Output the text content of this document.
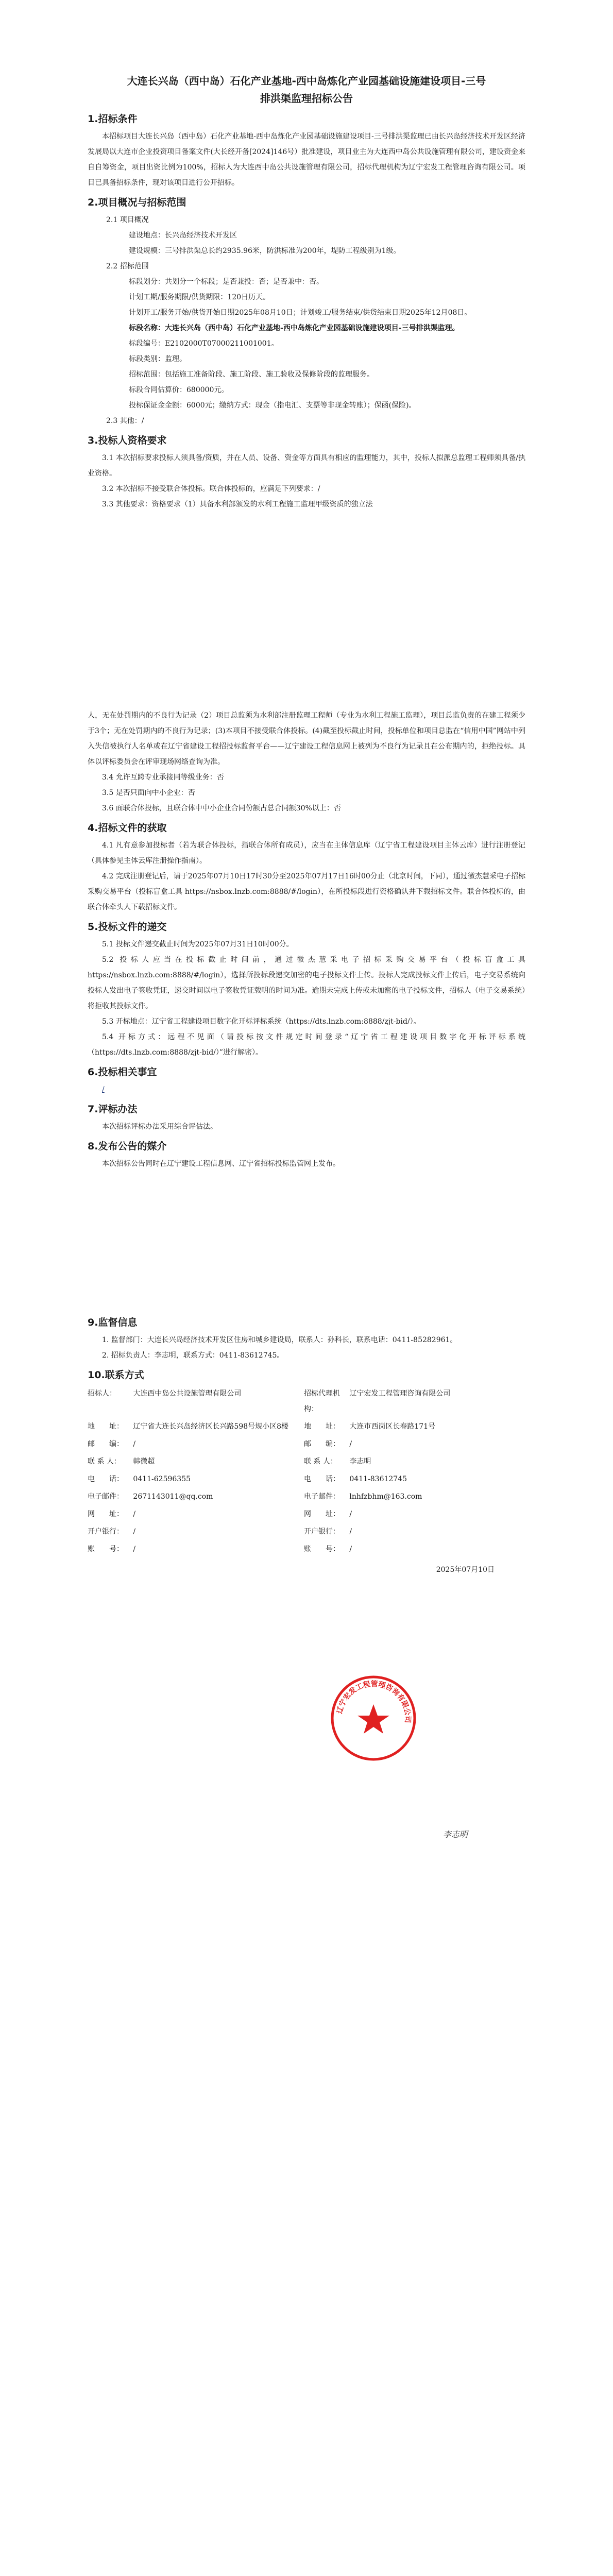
大连长兴岛（西中岛）石化产业基地-西中岛炼化产业园基础设施建设项目-三号
排洪渠监理招标公告
1.招标条件

本招标项目大连长兴岛（西中岛）石化产业基地-西中岛炼化产业园基础设施建设项目-三号排洪渠监理已由长兴岛经济技术开发区经济发展局以大连市企业投资项目备案文件(大长经开备[2024]146号）批准建设，项目业主为大连西中岛公共设施管理有限公司，建设资金来自自筹资金，项目出资比例为100%，招标人为大连西中岛公共设施管理有限公司，招标代理机构为辽宁宏发工程管理咨询有限公司。项目已具备招标条件，现对该项目进行公开招标。

2.项目概况与招标范围

2.1 项目概况

建设地点：长兴岛经济技术开发区

建设规模：三号排洪渠总长约2935.96米，防洪标准为200年，堤防工程级别为1级。

2.2 招标范围

标段划分：共划分一个标段；是否兼投：否；是否兼中：否。

计划工期/服务期限/供货期限：120日历天。

计划开工/服务开始/供货开始日期2025年08月10日；计划竣工/服务结束/供货结束日期2025年12月08日。

标段名称：大连长兴岛（西中岛）石化产业基地-西中岛炼化产业园基础设施建设项目-三号排洪渠监理。

标段编号：E2102000T07000211001001。

标段类别：监理。

招标范围：包括施工准备阶段、施工阶段、施工验收及保修阶段的监理服务。

标段合同估算价：680000元。

投标保证金金额：6000元；缴纳方式：现金（指电汇、支票等非现金转账）；保函(保险)。

2.3 其他：/

3.投标人资格要求

3.1 本次招标要求投标人须具备/资质，并在人员、设备、资金等方面具有相应的监理能力，其中，投标人拟派总监理工程师须具备/执业资格。

3.2 本次招标不接受联合体投标。联合体投标的，应满足下列要求：/

3.3 其他要求：资格要求（1）具备水利部颁发的水利工程施工监理甲级资质的独立法

人，无在处罚期内的不良行为记录（2）项目总监须为水利部注册监理工程师（专业为水利工程施工监理），项目总监负责的在建工程须少于3个；无在处罚期内的不良行为记录；(3)本项目不接受联合体投标。(4)截至投标截止时间，投标单位和项目总监在“信用中国”网站中列入失信被执行人名单或在辽宁省建设工程招投标监督平台——辽宁建设工程信息网上被列为不良行为记录且在公布期内的，拒绝投标。具体以评标委员会在评审现场网络查询为准。

3.4 允许互跨专业承接同等级业务：否

3.5 是否只面向中小企业：否

3.6 面联合体投标，且联合体中中小企业合同份额占总合同额30%以上：否

4.招标文件的获取

4.1 凡有意参加投标者（若为联合体投标，指联合体所有成员），应当在主体信息库（辽宁省工程建设项目主体云库）进行注册登记（具体参见主体云库注册操作指南）。

4.2 完成注册登记后，请于2025年07月10日17时30分至2025年07月17日16时00分止（北京时间，下同），通过徽杰慧采电子招标采购交易平台（投标盲盒工具 https://nsbox.lnzb.com:8888/#/login），在所投标段进行资格确认并下载招标文件。联合体投标的，由联合体牵头人下载招标文件。

5.投标文件的递交

5.1 投标文件递交截止时间为2025年07月31日10时00分。

5.2 投标人应当在投标截止时间前，通过徽杰慧采电子招标采购交易平台（投标盲盒工具 https://nsbox.lnzb.com:8888/#/login），选择所投标段递交加密的电子投标文件上传。投标人完成投标文件上传后，电子交易系统向投标人发出电子签收凭证，递交时间以电子签收凭证载明的时间为准。逾期未完成上传或未加密的电子投标文件，招标人（电子交易系统）将拒收其投标文件。

5.3 开标地点：辽宁省工程建设项目数字化开标评标系统（https://dts.lnzb.com:8888/zjt-bid/）。

5.4 开标方式：远程不见面（请投标按文件规定时间登录“辽宁省工程建设项目数字化开标评标系统（https://dts.lnzb.com:8888/zjt-bid/）”进行解密）。

6.投标相关事宜

/

7.评标办法

本次招标评标办法采用综合评估法。

8.发布公告的媒介

本次招标公告同时在辽宁建设工程信息网、辽宁省招标投标监管网上发布。

9.监督信息

1. 监督部门：大连长兴岛经济技术开发区住房和城乡建设局，联系人：孙科长，联系电话：0411-85282961。

2. 招标负责人：李志明，联系方式：0411-83612745。

10.联系方式
招标人：	大连西中岛公共设施管理有限公司	招标代理机构：	辽宁宏发工程管理咨询有限公司
地　　址：	辽宁省大连长兴岛经济区长兴路598号规小区8楼	地　　址：	大连市西岗区长春路171号
邮　　编：	/	邮　　编：	/
联 系 人：	韩微超	联 系 人：	李志明
电　　话：	0411-62596355	电　　话：	0411-83612745
电子邮件：	2671143011@qq.com	电子邮件：	lnhfzbhm@163.com
网　　址：	/	网　　址：	/
开户银行：	/	开户银行：	/
账　　号：	/	账　　号：	/

2025年07月10日

辽宁宏发工程管理咨询有限公司
李志明
